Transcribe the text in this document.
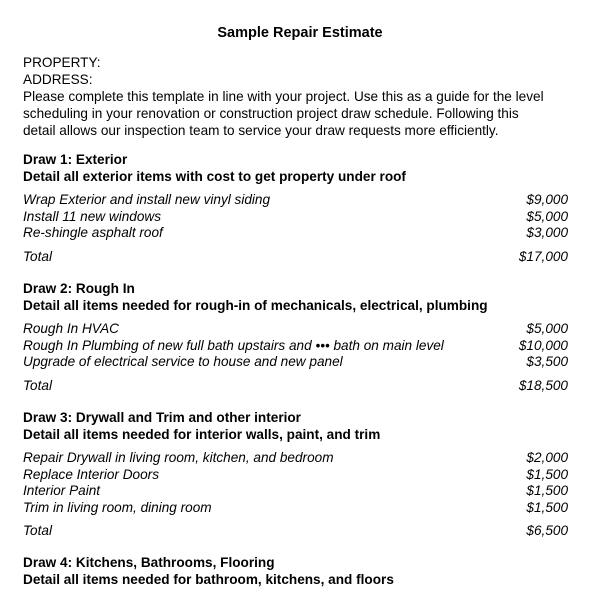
Sample Repair Estimate
PROPERTY:
ADDRESS:
Please complete this template in line with your project. Use this as a guide for the level
scheduling in your renovation or construction project draw schedule. Following this
detail allows our inspection team to service your draw requests more efficiently.
Draw 1: Exterior
Detail all exterior items with cost to get property under roof
Wrap Exterior and install new vinyl siding	$9,000
Install 11 new windows	$5,000
Re-shingle asphalt roof	$3,000
Total	$17,000
Draw 2: Rough In
Detail all items needed for rough-in of mechanicals, electrical, plumbing
Rough In HVAC	$5,000
Rough In Plumbing of new full bath upstairs and ••• bath on main level	$10,000
Upgrade of electrical service to house and new panel	$3,500
Total	$18,500
Draw 3: Drywall and Trim and other interior
Detail all items needed for interior walls, paint, and trim
Repair Drywall in living room, kitchen, and bedroom	$2,000
Replace Interior Doors	$1,500
Interior Paint	$1,500
Trim in living room, dining room	$1,500
Total	$6,500
Draw 4: Kitchens, Bathrooms, Flooring
Detail all items needed for bathroom, kitchens, and floors
